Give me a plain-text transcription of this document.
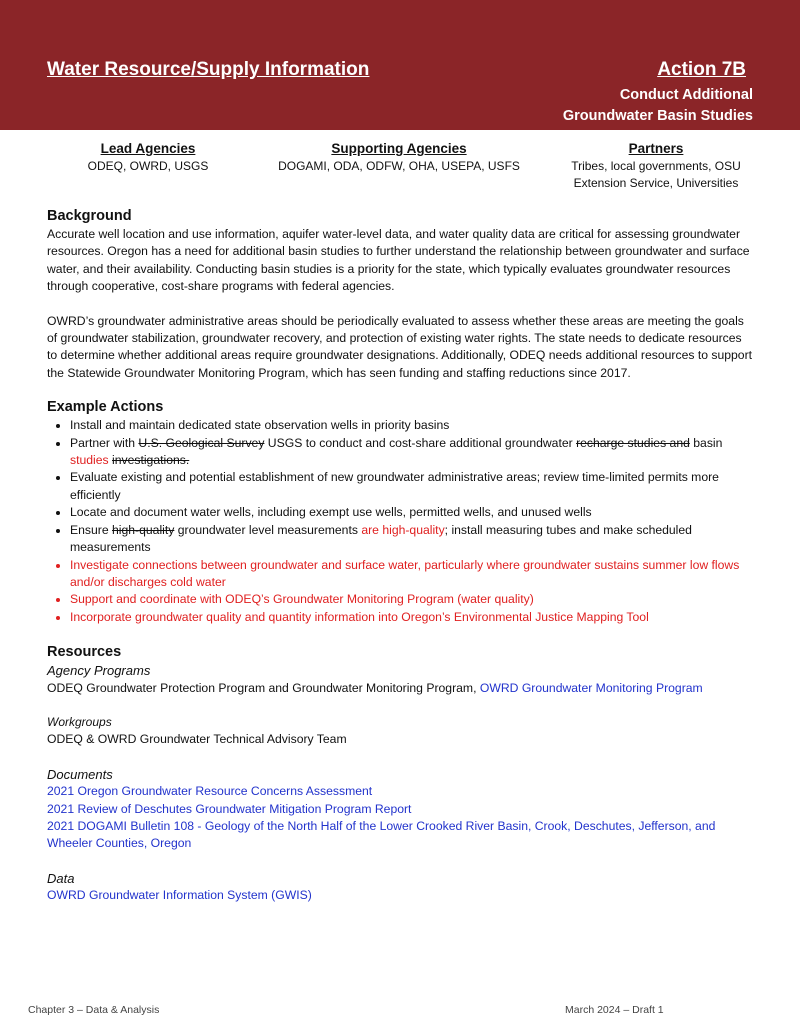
Water Resource/Supply Information	Action 7B
Conduct Additional
Groundwater Basin Studies
Lead Agencies
ODEQ, OWRD, USGS
Supporting Agencies
DOGAMI, ODA, ODFW, OHA, USEPA, USFS
Partners
Tribes, local governments, OSU
Extension Service, Universities
Background

Accurate well location and use information, aquifer water-level data, and water quality data are critical for assessing groundwater resources. Oregon has a need for additional basin studies to further understand the relationship between groundwater and surface water, and their availability. Conducting basin studies is a priority for the state, which typically evaluates groundwater resources through cooperative, cost-share programs with federal agencies.

OWRD’s groundwater administrative areas should be periodically evaluated to assess whether these areas are meeting the goals of groundwater stabilization, groundwater recovery, and protection of existing water rights. The state needs to dedicate resources to determine whether additional areas require groundwater designations. Additionally, ODEQ needs additional resources to support the Statewide Groundwater Monitoring Program, which has seen funding and staffing reductions since 2017.

Example Actions
• Install and maintain dedicated state observation wells in priority basins
• Partner with U.S. Geological Survey USGS to conduct and cost-share additional groundwater recharge studies and basin studies investigations.
• Evaluate existing and potential establishment of new groundwater administrative areas; review time-limited permits more efficiently
• Locate and document water wells, including exempt use wells, permitted wells, and unused wells
• Ensure high-quality groundwater level measurements are high-quality; install measuring tubes and make scheduled measurements
• Investigate connections between groundwater and surface water, particularly where groundwater sustains summer low flows and/or discharges cold water
• Support and coordinate with ODEQ’s Groundwater Monitoring Program (water quality)
• Incorporate groundwater quality and quantity information into Oregon’s Environmental Justice Mapping Tool
Resources
Agency Programs

ODEQ Groundwater Protection Program and Groundwater Monitoring Program, OWRD Groundwater Monitoring Program

Workgroups

ODEQ & OWRD Groundwater Technical Advisory Team

Documents

2021 Oregon Groundwater Resource Concerns Assessment

2021 Review of Deschutes Groundwater Mitigation Program Report

2021 DOGAMI Bulletin 108 - Geology of the North Half of the Lower Crooked River Basin, Crook, Deschutes, Jefferson, and Wheeler Counties, Oregon

Data

OWRD Groundwater Information System (GWIS)

Chapter 3 – Data & Analysis	March 2024 – Draft 1
